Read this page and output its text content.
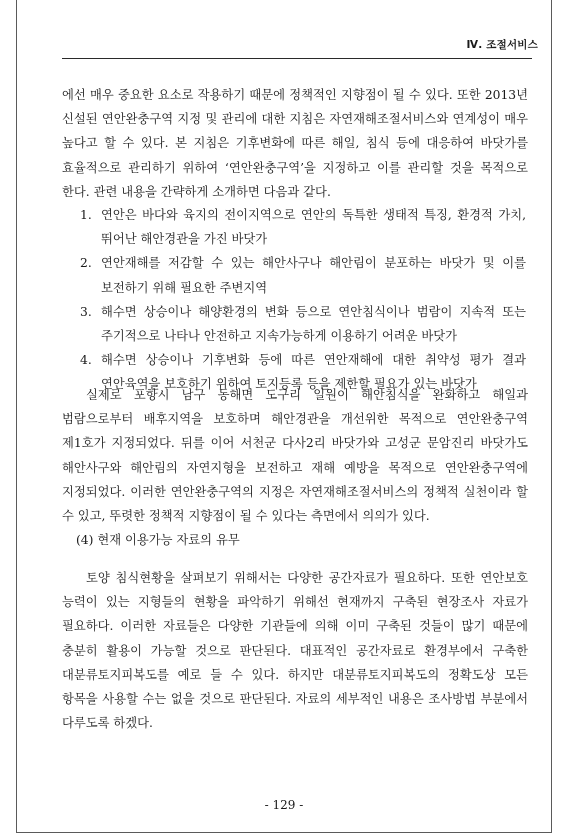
Ⅳ. 조절서비스

에선 매우 중요한 요소로 작용하기 때문에 정책적인 지향점이 될 수 있다. 또한 2013년 신설된 연안완충구역 지정 및 관리에 대한 지침은 자연재해조절서비스와 연계성이 매우 높다고 할 수 있다. 본 지침은 기후변화에 따른 해일, 침식 등에 대응하여 바닷가를 효율적으로 관리하기 위하여 ‘연안완충구역’을 지정하고 이를 관리할 것을 목적으로 한다. 관련 내용을 간략하게 소개하면 다음과 같다.

1. 연안은 바다와 육지의 전이지역으로 연안의 독특한 생태적 특징, 환경적 가치, 뛰어난 해안경관을 가진 바닷가
2. 연안재해를 저감할 수 있는 해안사구나 해안림이 분포하는 바닷가 및 이를 보전하기 위해 필요한 주변지역
3. 해수면 상승이나 해양환경의 변화 등으로 연안침식이나 범람이 지속적 또는 주기적으로 나타나 안전하고 지속가능하게 이용하기 어려운 바닷가
4. 해수면 상승이나 기후변화 등에 따른 연안재해에 대한 취약성 평가 결과 연안육역을 보호하기 위하여 토지등록 등을 제한할 필요가 있는 바닷가

실제로 포항시 남구 동해면 도구리 일원이 해안침식을 완화하고 해일과 범람으로부터 배후지역을 보호하며 해안경관을 개선위한 목적으로 연안완충구역 제1호가 지정되었다. 뒤를 이어 서천군 다사2리 바닷가와 고성군 문암진리 바닷가도 해안사구와 해안림의 자연지형을 보전하고 재해 예방을 목적으로 연안완충구역에 지정되었다. 이러한 연안완충구역의 지정은 자연재해조절서비스의 정책적 실천이라 할 수 있고, 뚜렷한 정책적 지향점이 될 수 있다는 측면에서 의의가 있다.

(4) 현재 이용가능 자료의 유무

토양 침식현황을 살펴보기 위해서는 다양한 공간자료가 필요하다. 또한 연안보호 능력이 있는 지형들의 현황을 파악하기 위해선 현재까지 구축된 현장조사 자료가 필요하다. 이러한 자료들은 다양한 기관들에 의해 이미 구축된 것들이 많기 때문에 충분히 활용이 가능할 것으로 판단된다. 대표적인 공간자료로 환경부에서 구축한 대분류토지피복도를 예로 들 수 있다. 하지만 대분류토지피복도의 정확도상 모든 항목을 사용할 수는 없을 것으로 판단된다. 자료의 세부적인 내용은 조사방법 부분에서 다루도록 하겠다.

- 129 -
